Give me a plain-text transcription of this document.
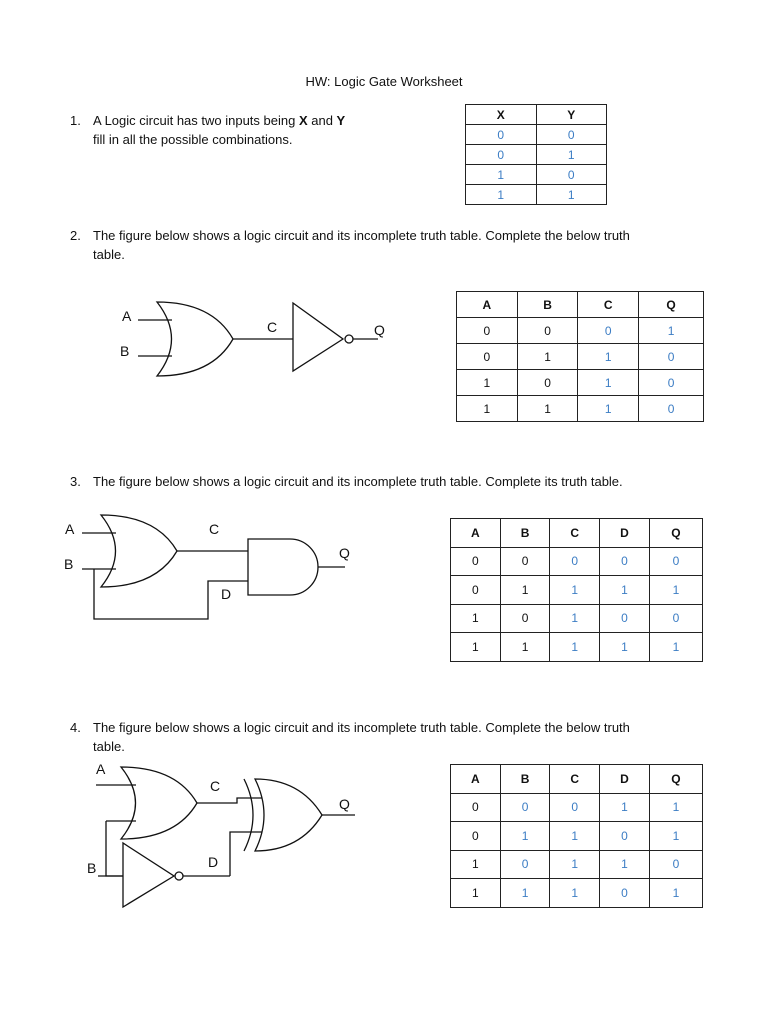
HW: Logic Gate Worksheet
1. A Logic circuit has two inputs being X and Y
fill in all the possible combinations.
X	Y
0	0
0	1
1	0
1	1
2. The figure below shows a logic circuit and its incomplete truth table. Complete the below truth
table.
A
B
C	Q
A	B	C	Q
0	0	0	1
0	1	1	0
1	0	1	0
1	1	1	0
3. The figure below shows a logic circuit and its incomplete truth table. Complete its truth table.
A
B
C
D
Q
A	B	C	D	Q
0	0	0	0	0
0	1	1	1	1
1	0	1	0	0
1	1	1	1	1
4. The figure below shows a logic circuit and its incomplete truth table. Complete the below truth
table.
A
B
C
D
Q
A	B	C	D	Q
0	0	0	1	1
0	1	1	0	1
1	0	1	1	0
1	1	1	0	1
